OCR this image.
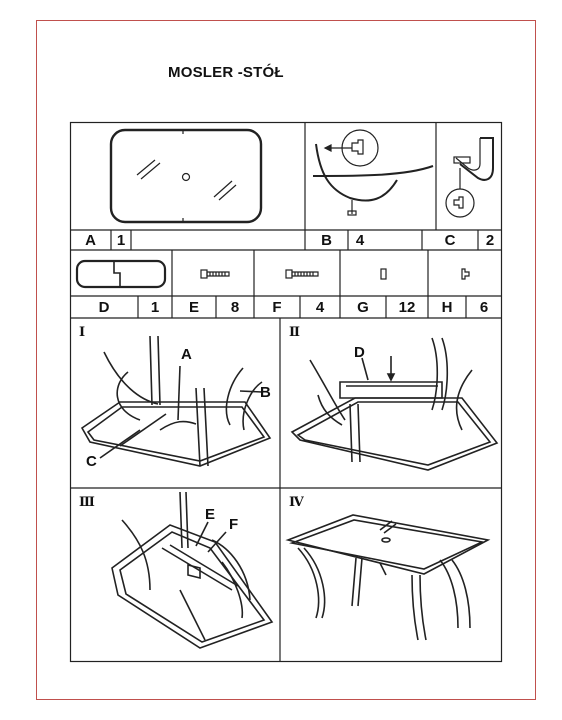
MOSLER -STÓŁ
A	1	B	4	C	2
D	1	E	8	F	4	G	12	H	6
Ⅰ	Ⅱ
Ⅲ	Ⅳ
A
B
C
D
E
F
